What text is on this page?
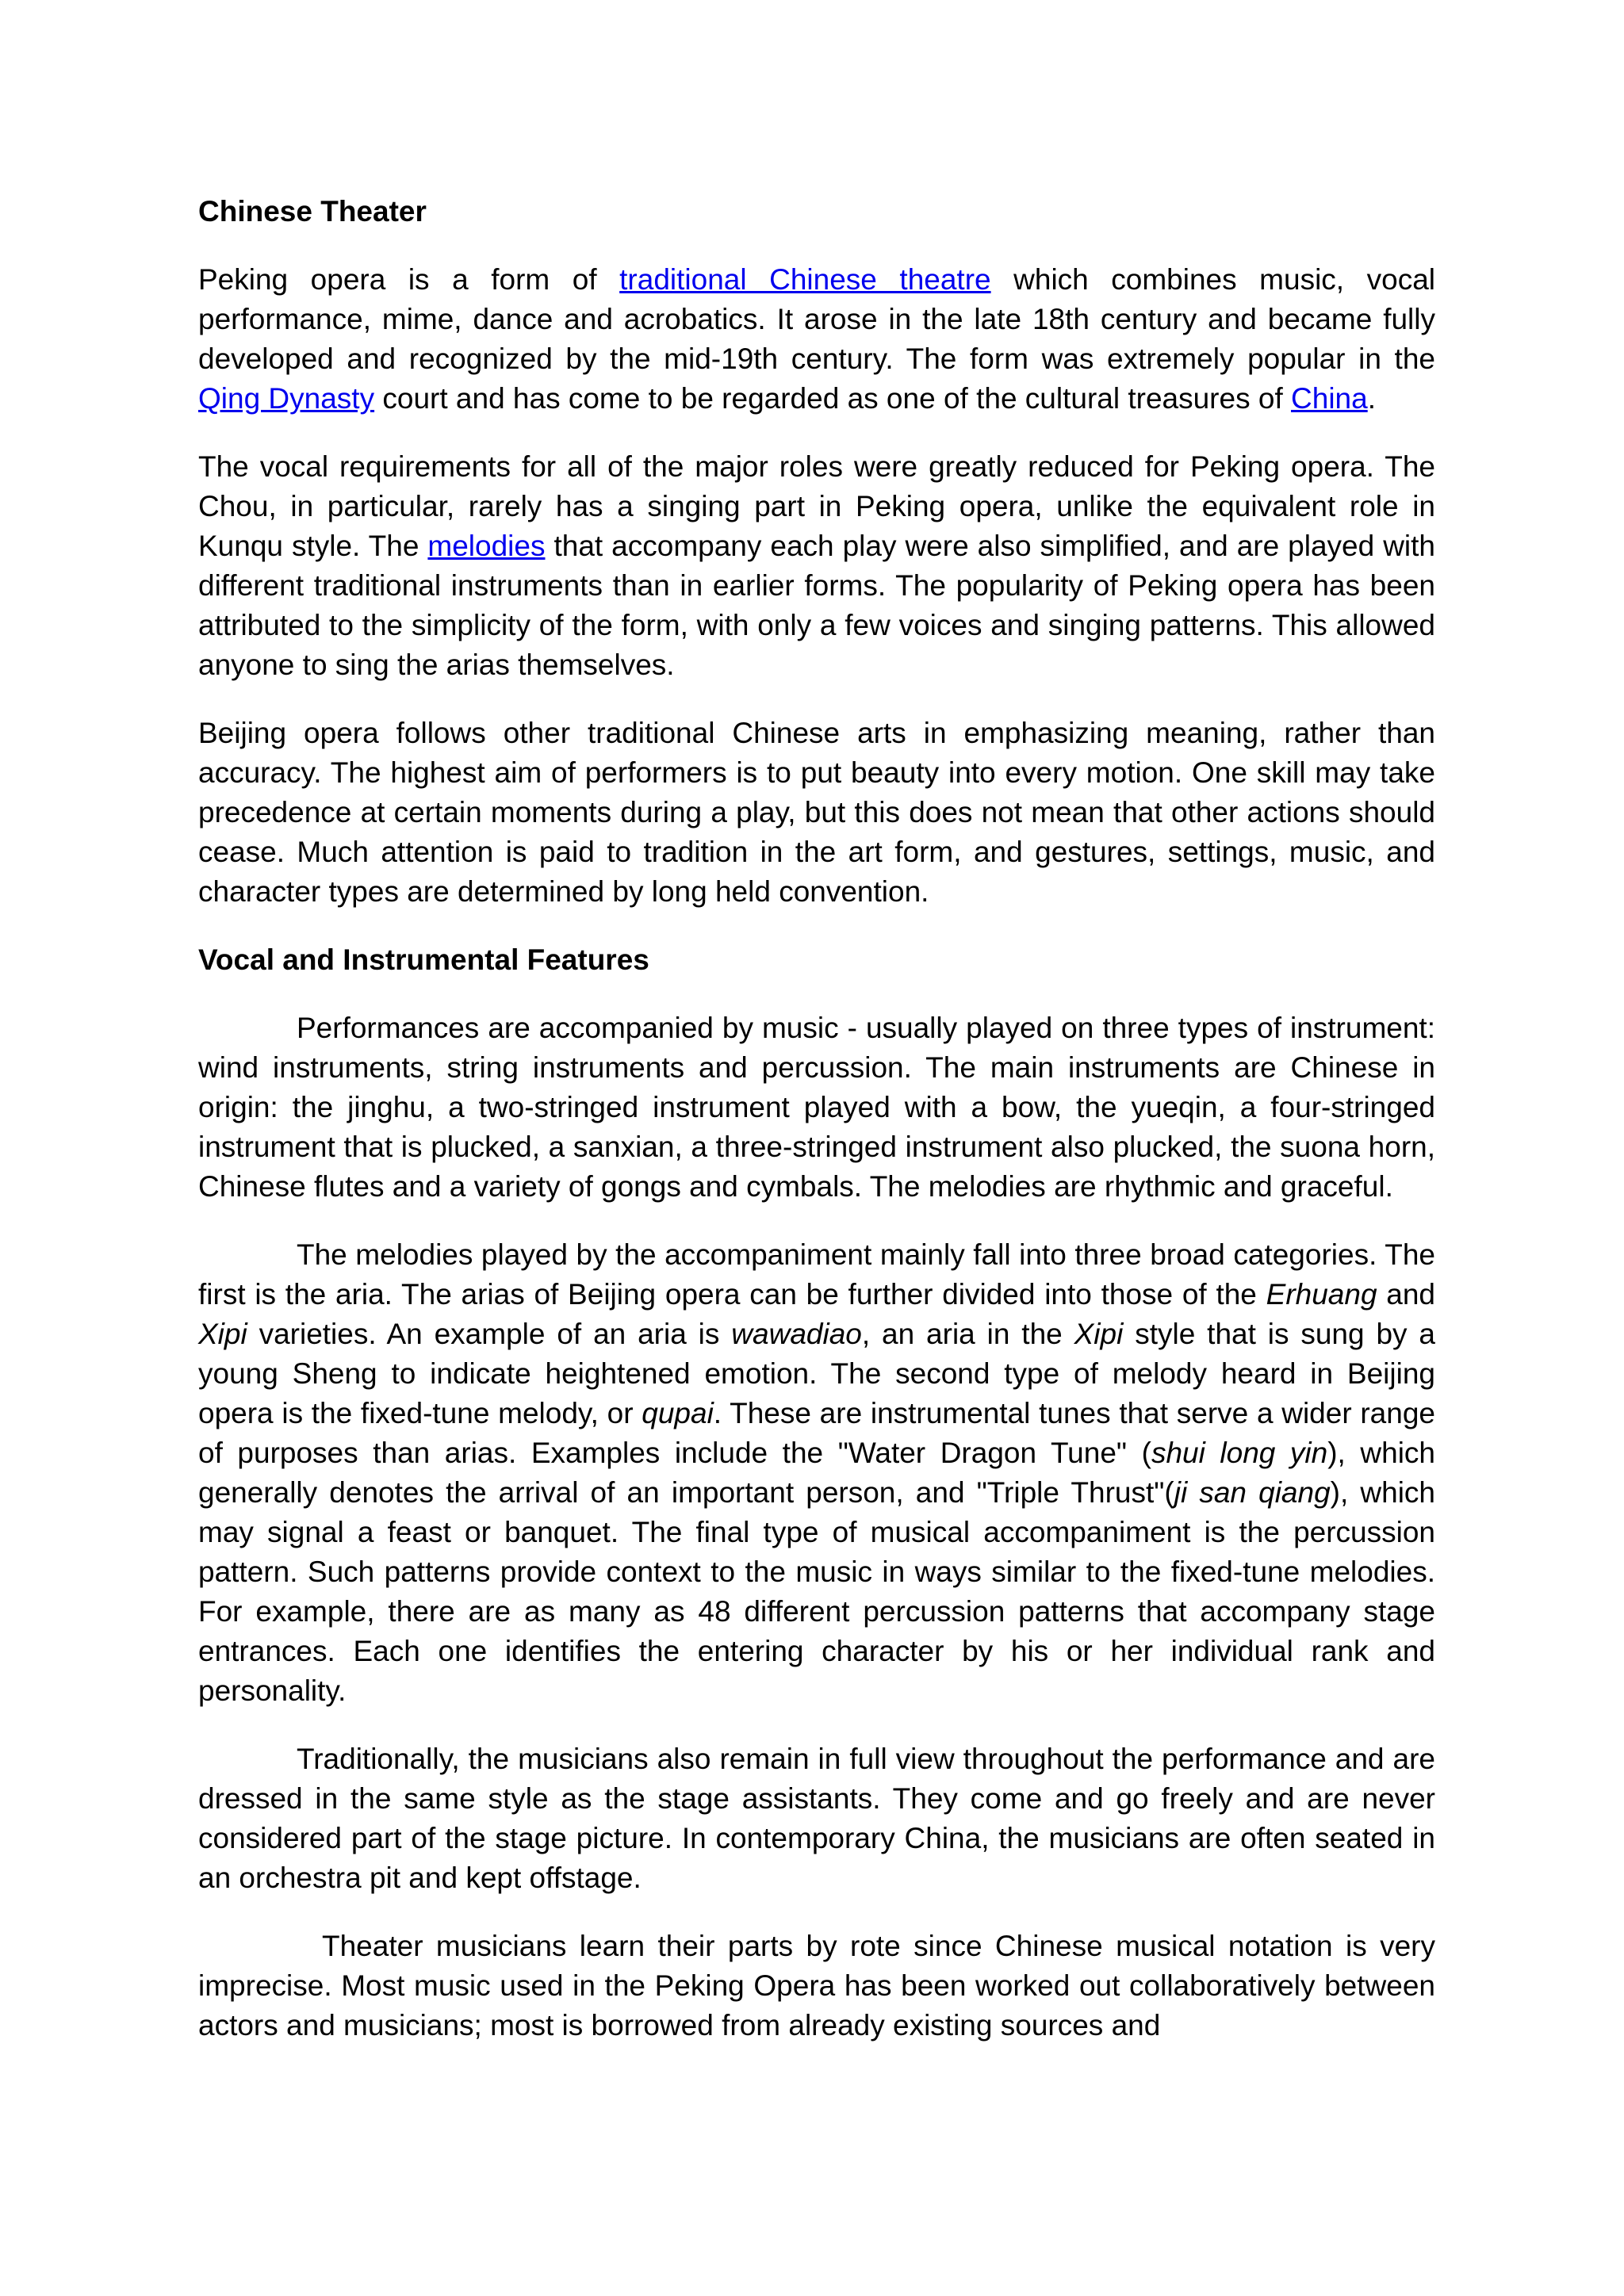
Chinese Theater

Peking opera is a form of traditional Chinese theatre which combines music, vocal performance, mime, dance and acrobatics. It arose in the late 18th century and became fully developed and recognized by the mid-19th century. The form was extremely popular in the Qing Dynasty court and has come to be regarded as one of the cultural treasures of China.

The vocal requirements for all of the major roles were greatly reduced for Peking opera. The Chou, in particular, rarely has a singing part in Peking opera, unlike the equivalent role in Kunqu style. The melodies that accompany each play were also simplified, and are played with different traditional instruments than in earlier forms. The popularity of Peking opera has been attributed to the simplicity of the form, with only a few voices and singing patterns. This allowed anyone to sing the arias themselves.

Beijing opera follows other traditional Chinese arts in emphasizing meaning, rather than accuracy. The highest aim of performers is to put beauty into every motion. One skill may take precedence at certain moments during a play, but this does not mean that other actions should cease. Much attention is paid to tradition in the art form, and gestures, settings, music, and character types are determined by long held convention.

Vocal and Instrumental Features

Performances are accompanied by music - usually played on three types of instrument: wind instruments, string instruments and percussion. The main instruments are Chinese in origin: the jinghu, a two-stringed instrument played with a bow, the yueqin, a four-stringed instrument that is plucked, a sanxian, a three-stringed instrument also plucked, the suona horn, Chinese flutes and a variety of gongs and cymbals. The melodies are rhythmic and graceful.

The melodies played by the accompaniment mainly fall into three broad categories. The first is the aria. The arias of Beijing opera can be further divided into those of the Erhuang and Xipi varieties. An example of an aria is wawadiao, an aria in the Xipi style that is sung by a young Sheng to indicate heightened emotion. The second type of melody heard in Beijing opera is the fixed-tune melody, or qupai. These are instrumental tunes that serve a wider range of purposes than arias. Examples include the "Water Dragon Tune" (shui long yin), which generally denotes the arrival of an important person, and "Triple Thrust"(ji san qiang), which may signal a feast or banquet. The final type of musical accompaniment is the percussion pattern. Such patterns provide context to the music in ways similar to the fixed-tune melodies. For example, there are as many as 48 different percussion patterns that accompany stage entrances. Each one identifies the entering character by his or her individual rank and personality.

Traditionally, the musicians also remain in full view throughout the performance and are dressed in the same style as the stage assistants. They come and go freely and are never considered part of the stage picture. In contemporary China, the musicians are often seated in an orchestra pit and kept offstage.

Theater musicians learn their parts by rote since Chinese musical notation is very imprecise. Most music used in the Peking Opera has been worked out collaboratively between actors and musicians; most is borrowed from already existing sources and
